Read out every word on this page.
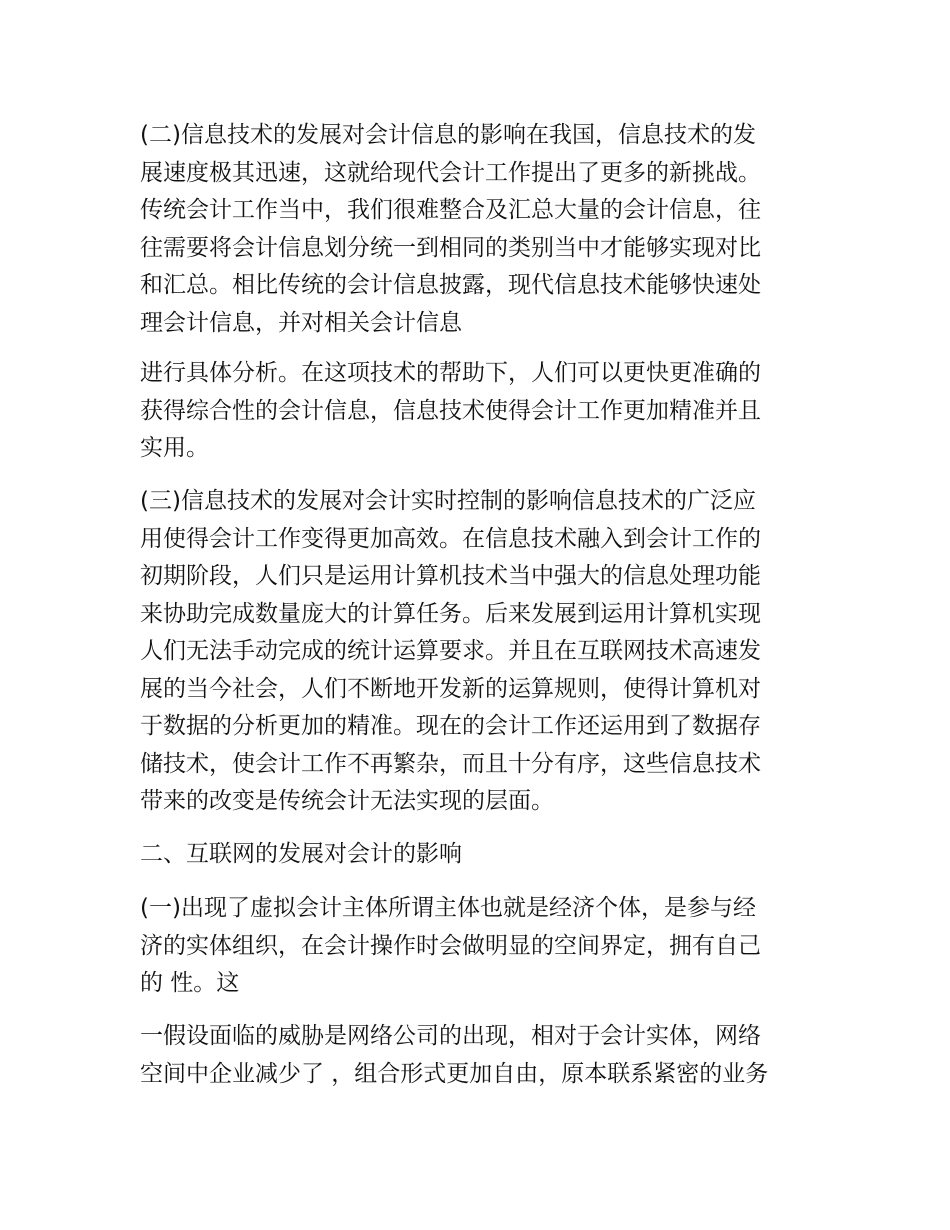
(二)信息技术的发展对会计信息的影响在我国，信息技术的发
展速度极其迅速，这就给现代会计工作提出了更多的新挑战。
传统会计工作当中，我们很难整合及汇总大量的会计信息，往
往需要将会计信息划分统一到相同的类别当中才能够实现对比
和汇总。相比传统的会计信息披露，现代信息技术能够快速处
理会计信息，并对相关会计信息
进行具体分析。在这项技术的帮助下，人们可以更快更准确的
获得综合性的会计信息，信息技术使得会计工作更加精准并且
实用。
(三)信息技术的发展对会计实时控制的影响信息技术的广泛应
用使得会计工作变得更加高效。在信息技术融入到会计工作的
初期阶段，人们只是运用计算机技术当中强大的信息处理功能
来协助完成数量庞大的计算任务。后来发展到运用计算机实现
人们无法手动完成的统计运算要求。并且在互联网技术高速发
展的当今社会，人们不断地开发新的运算规则，使得计算机对
于数据的分析更加的精准。现在的会计工作还运用到了数据存
储技术，使会计工作不再繁杂，而且十分有序，这些信息技术
带来的改变是传统会计无法实现的层面。
二、互联网的发展对会计的影响
(一)出现了虚拟会计主体所谓主体也就是经济个体，是参与经
济的实体组织，在会计操作时会做明显的空间界定，拥有自己
的 性。这
一假设面临的威胁是网络公司的出现，相对于会计实体，网络
空间中企业减少了 ，组合形式更加自由，原本联系紧密的业务
